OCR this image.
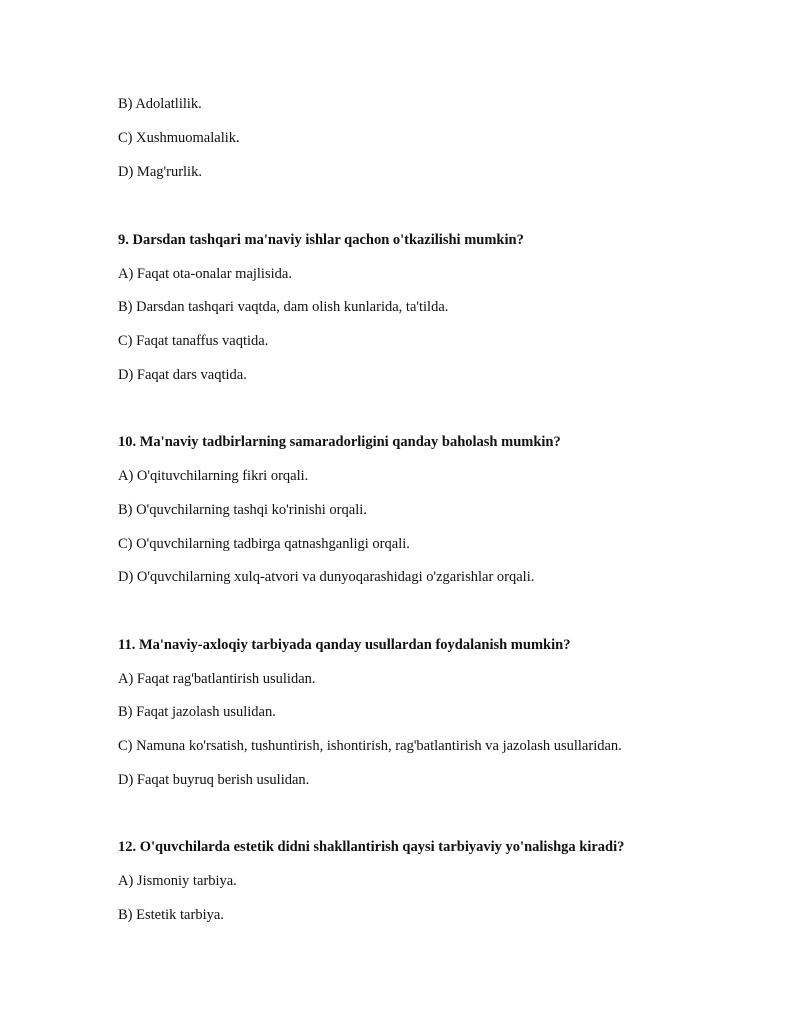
B) Adolatlilik.
C) Xushmuomalalik.
D) Mag'rurlik.
9. Darsdan tashqari ma'naviy ishlar qachon o'tkazilishi mumkin?
A) Faqat ota-onalar majlisida.
B) Darsdan tashqari vaqtda, dam olish kunlarida, ta'tilda.
C) Faqat tanaffus vaqtida.
D) Faqat dars vaqtida.
10. Ma'naviy tadbirlarning samaradorligini qanday baholash mumkin?
A) O'qituvchilarning fikri orqali.
B) O'quvchilarning tashqi ko'rinishi orqali.
C) O'quvchilarning tadbirga qatnashganligi orqali.
D) O'quvchilarning xulq-atvori va dunyoqarashidagi o'zgarishlar orqali.
11. Ma'naviy-axloqiy tarbiyada qanday usullardan foydalanish mumkin?
A) Faqat rag'batlantirish usulidan.
B) Faqat jazolash usulidan.
C) Namuna ko'rsatish, tushuntirish, ishontirish, rag'batlantirish va jazolash usullaridan.
D) Faqat buyruq berish usulidan.
12. O'quvchilarda estetik didni shakllantirish qaysi tarbiyaviy yo'nalishga kiradi?
A) Jismoniy tarbiya.
B) Estetik tarbiya.
